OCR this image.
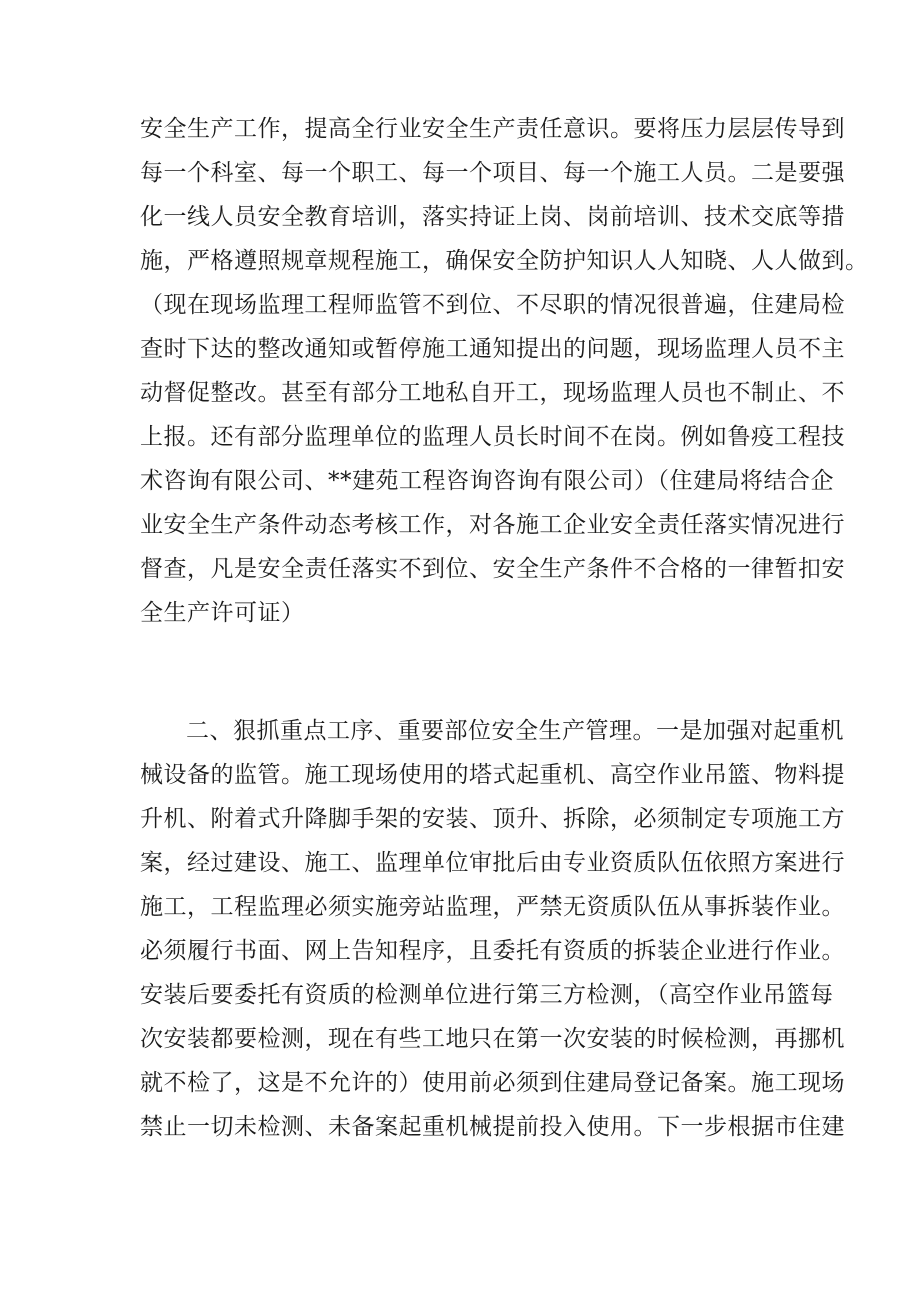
安全生产工作，提高全行业安全生产责任意识。要将压力层层传导到
每一个科室、每一个职工、每一个项目、每一个施工人员。二是要强
化一线人员安全教育培训，落实持证上岗、岗前培训、技术交底等措
施，严格遵照规章规程施工，确保安全防护知识人人知晓、人人做到。
（现在现场监理工程师监管不到位、不尽职的情况很普遍，住建局检
查时下达的整改通知或暂停施工通知提出的问题，现场监理人员不主
动督促整改。甚至有部分工地私自开工，现场监理人员也不制止、不
上报。还有部分监理单位的监理人员长时间不在岗。例如鲁疫工程技
术咨询有限公司、**建苑工程咨询咨询有限公司）（住建局将结合企
业安全生产条件动态考核工作，对各施工企业安全责任落实情况进行
督查，凡是安全责任落实不到位、安全生产条件不合格的一律暂扣安
全生产许可证）
二、狠抓重点工序、重要部位安全生产管理。一是加强对起重机
械设备的监管。施工现场使用的塔式起重机、高空作业吊篮、物料提
升机、附着式升降脚手架的安装、顶升、拆除，必须制定专项施工方
案，经过建设、施工、监理单位审批后由专业资质队伍依照方案进行
施工，工程监理必须实施旁站监理，严禁无资质队伍从事拆装作业。
必须履行书面、网上告知程序，且委托有资质的拆装企业进行作业。
安装后要委托有资质的检测单位进行第三方检测，（高空作业吊篮每
次安装都要检测，现在有些工地只在第一次安装的时候检测，再挪机
就不检了，这是不允许的）使用前必须到住建局登记备案。施工现场
禁止一切未检测、未备案起重机械提前投入使用。下一步根据市住建
